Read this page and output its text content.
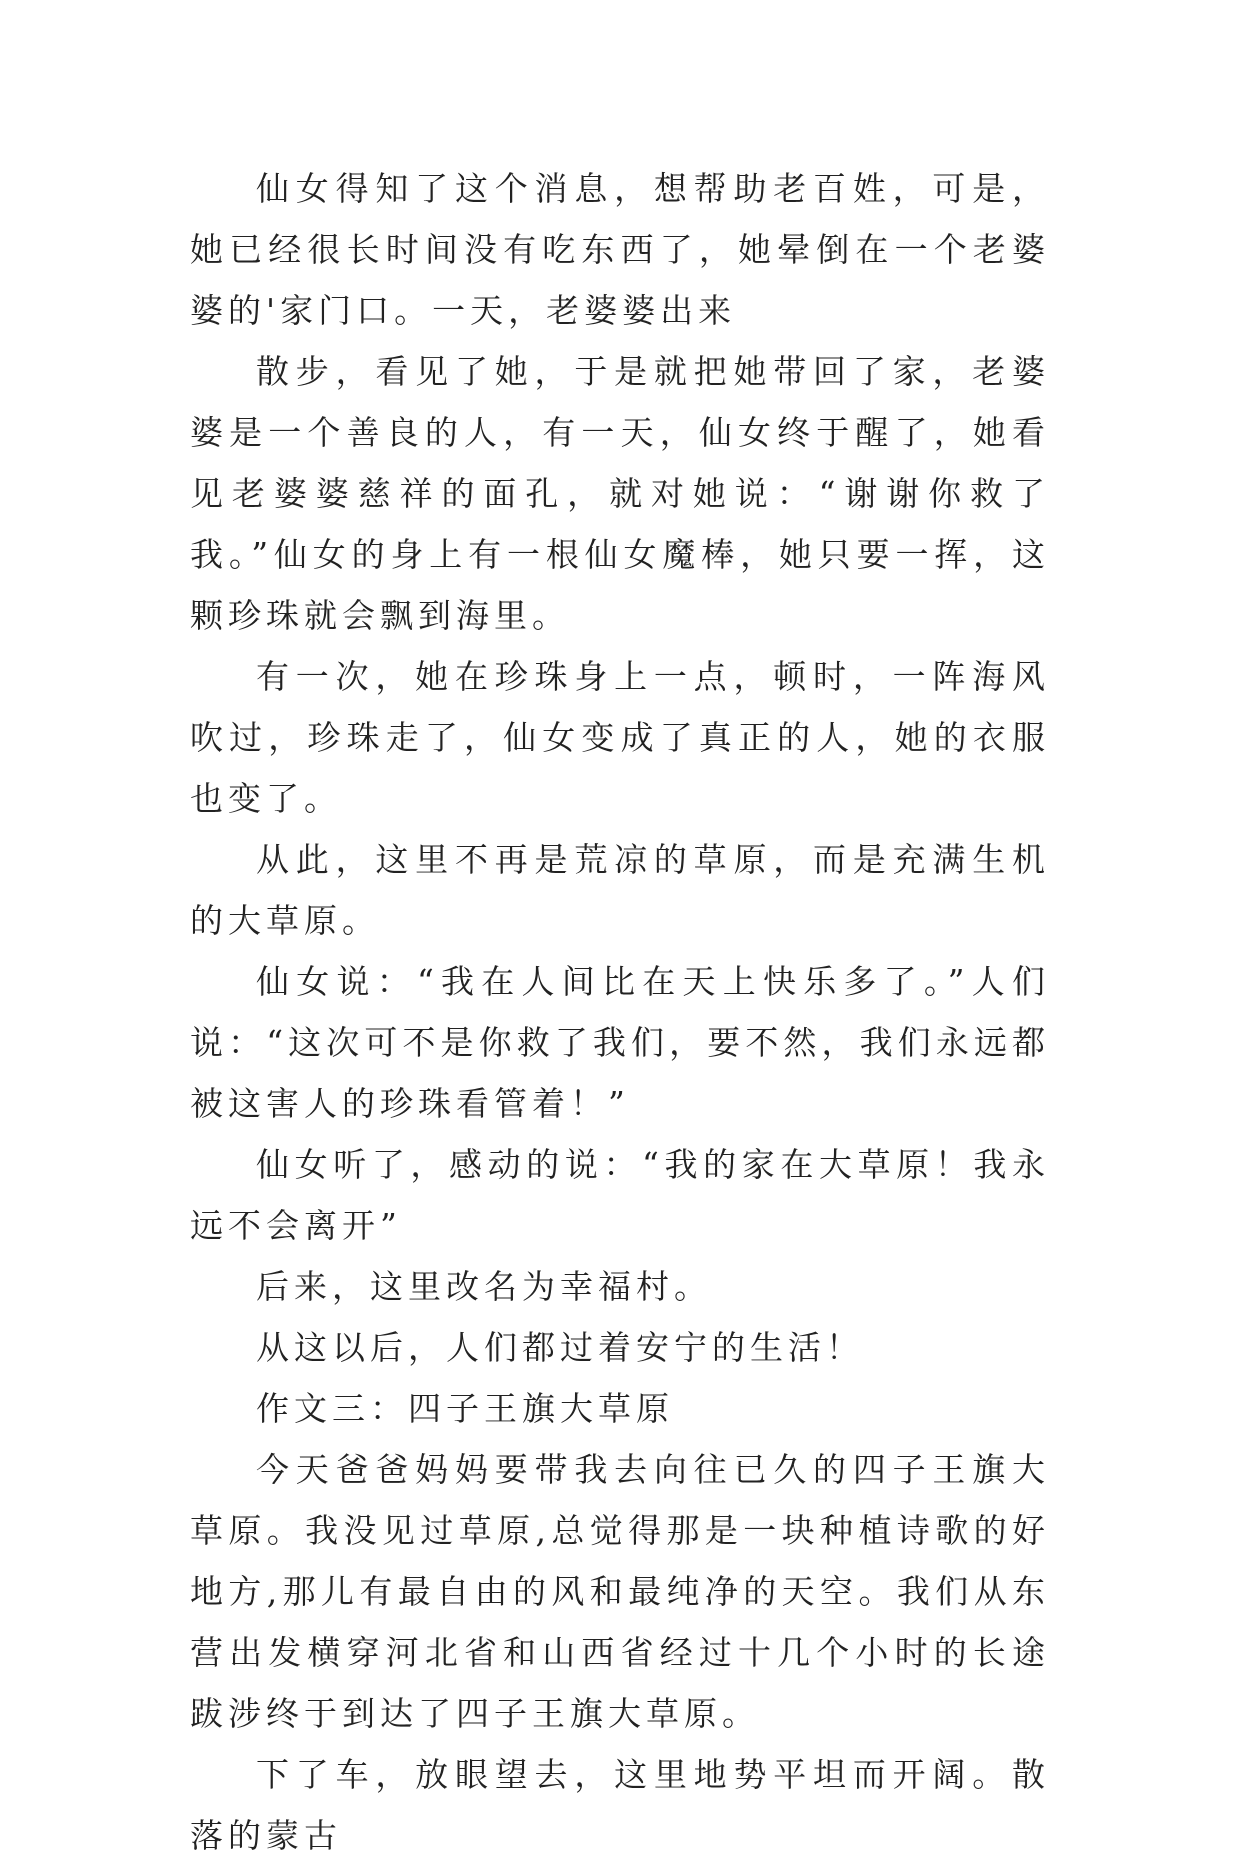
仙女得知了这个消息，想帮助老百姓，可是，她已经很长时间没有吃东西了，她晕倒在一个老婆婆的'家门口。一天，老婆婆出来

散步，看见了她，于是就把她带回了家，老婆婆是一个善良的人，有一天，仙女终于醒了，她看见老婆婆慈祥的面孔，就对她说：“谢谢你救了我。”仙女的身上有一根仙女魔棒，她只要一挥，这颗珍珠就会飘到海里。

有一次，她在珍珠身上一点，顿时，一阵海风吹过，珍珠走了，仙女变成了真正的人，她的衣服也变了。

从此，这里不再是荒凉的草原，而是充满生机的大草原。

仙女说：“我在人间比在天上快乐多了。”人们说：“这次可不是你救了我们，要不然，我们永远都被这害人的珍珠看管着！”

仙女听了，感动的说：“我的家在大草原！我永远不会离开”

后来，这里改名为幸福村。

从这以后，人们都过着安宁的生活！

作文三：四子王旗大草原

今天爸爸妈妈要带我去向往已久的四子王旗大草原。我没见过草原,总觉得那是一块种植诗歌的好地方,那儿有最自由的风和最纯净的天空。我们从东营出发横穿河北省和山西省经过十几个小时的长途跋涉终于到达了四子王旗大草原。

下了车，放眼望去，这里地势平坦而开阔。散落的蒙古
